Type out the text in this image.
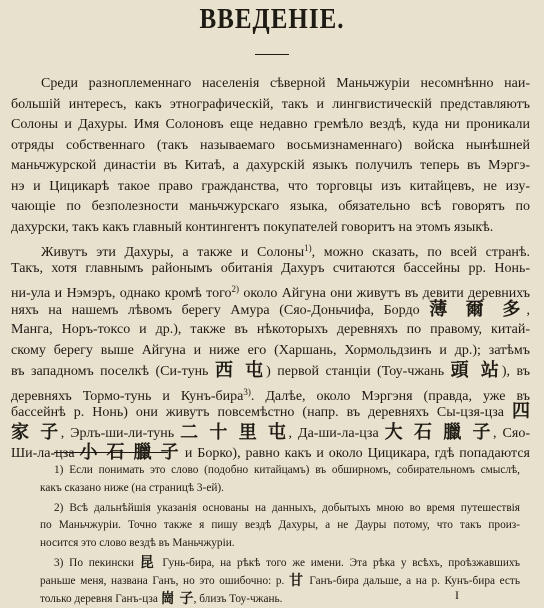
ВВЕДЕНІЕ.
Среди разноплеменнаго населенія сѣверной Маньчжуріи несомнѣнно наи-
большій интересъ, какъ этнографическій, такъ и лингвистическій представляютъ
Солоны и Дахуры. Имя Солоновъ еще недавно гремѣло вездѣ, куда ни проникали
отряды собственнаго (такъ называемаго восьмизнаменнаго) войска нынѣшней
маньчжурской династіи въ Китаѣ, а дахурскій языкъ получилъ теперь въ Мэргэ-
нэ и Цицикарѣ такое право гражданства, что торговцы изъ китайцевъ, не изу-
чающіе по безполезности маньчжурскаго языка, обязательно всѣ говорятъ по
дахурски, такъ какъ главный контингентъ покупателей говоритъ на этомъ языкѣ.
Живутъ эти Дахуры, а также и Солоны$^{1)}$, можно сказать, по всей странѣ.
Такъ, хотя главнымъ районымъ обитанія Дахуръ считаются бассейны рр. Нонь-
ни-ула и Нэмэръ, однако кромѣ того$^{2)}$ около Айгуна они живутъ въ девити деревнихъ
няхъ на нашемъ лѣвомъ берегу Амура (Сяо-Доньчифа, Бордо 薄 爾 多,
Манга, Норъ-токсо и др.), также въ нѣкоторыхъ деревняхъ по правому, китай-
скому берегу выше Айгуна и ниже его (Харшань, Хормольдзинъ и др.); затѣмъ
въ западномъ поселкѣ (Си-тунь 西 屯) первой станціи (Тоу-чжань 頭 站), въ
деревняхъ Тормо-тунь и Кунъ-бира$^{3)}$. Далѣе, около Мэргэня (правда, уже въ
бассейнѣ р. Нонь) они живутъ повсемѣстно (напр. въ деревняхъ Сы-цзя-цза 四
家 子, Эрлъ-ши-ли-тунь 二 十 里 屯, Да-ши-ла-цза 大 石 臘 子, Сяо-
Ши-ла-цза 小 石 臘 子 и Борко), равно какъ и около Цицикара, гдѣ попадаются
1) Если понимать это слово (подобно китайцамъ) въ обширномъ, собирательномъ смыслѣ,
какъ сказано ниже (на страницѣ 3-ей).
2) Всѣ дальнѣйшія указанія основаны на данныхъ, добытыхъ мною во время путешествія
по Маньчжуріи. Точно также я пишу вездѣ Дахуры, а не Дауры потому, что такъ произ-
носится это слово вездѣ въ Маньчжуріи.
3) По пекински 昆 Гунь-бира, на рѣкѣ того же имени. Эта рѣка у всѣхъ, проѣзжавшихъ
раньше меня, названа Ганъ, но это ошибочно: р. 甘 Ганъ-бира дальше, а на р. Кунъ-бира есть
только деревня Ганъ-цза 崗 子, близъ Тоу-чжань.	I
